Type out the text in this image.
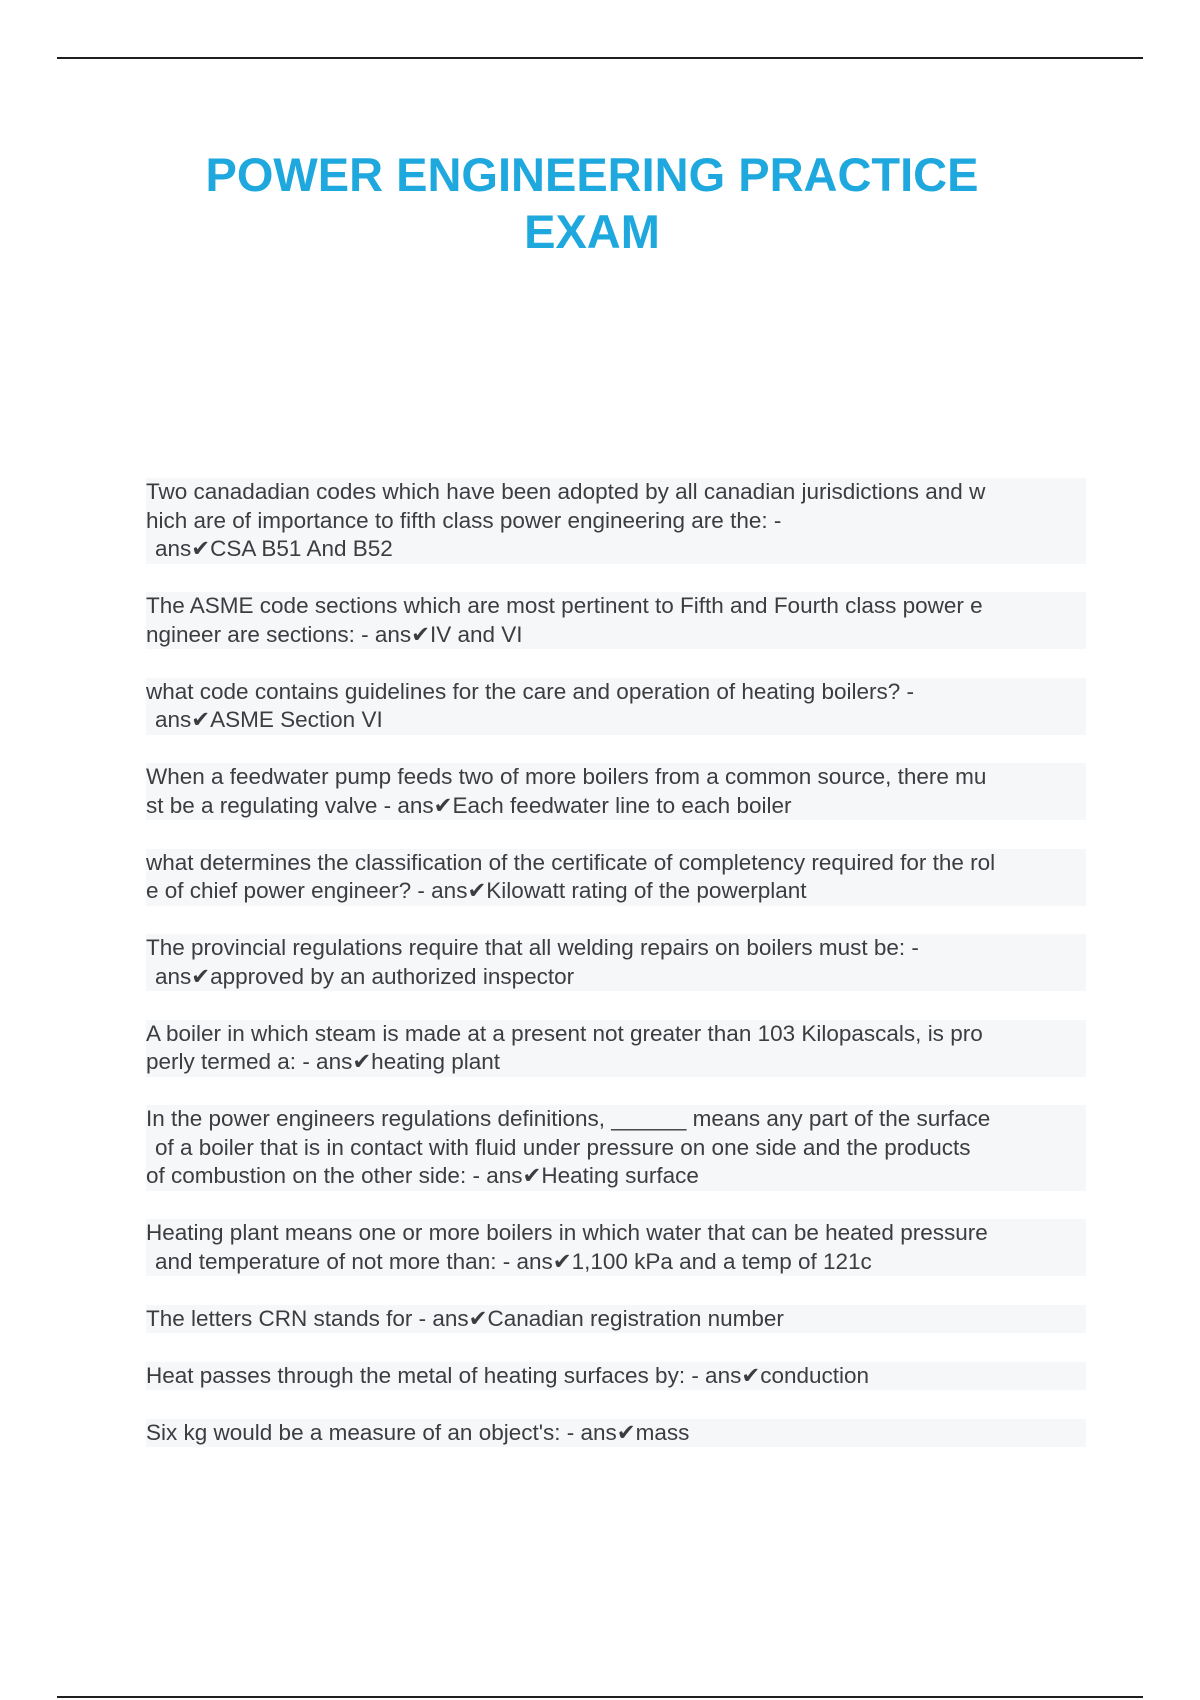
POWER ENGINEERING PRACTICE
EXAM
Two canadadian codes which have been adopted by all canadian jurisdictions and w
hich are of importance to fifth class power engineering are the: -
ans✔CSA B51 And B52
The ASME code sections which are most pertinent to Fifth and Fourth class power e
ngineer are sections: - ans✔IV and VI
what code contains guidelines for the care and operation of heating boilers? -
ans✔ASME Section VI
When a feedwater pump feeds two of more boilers from a common source, there mu
st be a regulating valve - ans✔Each feedwater line to each boiler
what determines the classification of the certificate of completency required for the rol
e of chief power engineer? - ans✔Kilowatt rating of the powerplant
The provincial regulations require that all welding repairs on boilers must be: -
ans✔approved by an authorized inspector
A boiler in which steam is made at a present not greater than 103 Kilopascals, is pro
perly termed a: - ans✔heating plant
In the power engineers regulations definitions, ______ means any part of the surface
of a boiler that is in contact with fluid under pressure on one side and the products
of combustion on the other side: - ans✔Heating surface
Heating plant means one or more boilers in which water that can be heated pressure
and temperature of not more than: - ans✔1,100 kPa and a temp of 121c
The letters CRN stands for - ans✔Canadian registration number
Heat passes through the metal of heating surfaces by: - ans✔conduction
Six kg would be a measure of an object's: - ans✔mass
